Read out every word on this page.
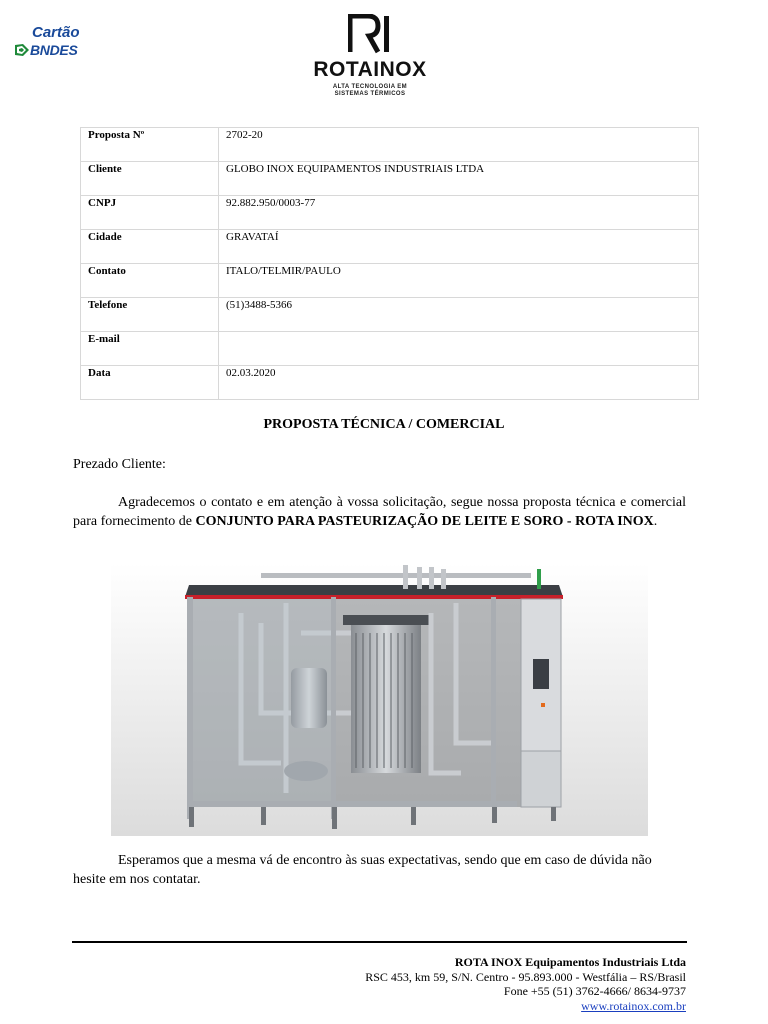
Cartão
BNDES
ROTAINOX
ALTA TECNOLOGIA EM
SISTEMAS TÉRMICOS
Proposta Nº	2702-20
Cliente	GLOBO INOX EQUIPAMENTOS INDUSTRIAIS LTDA
CNPJ	92.882.950/0003-77
Cidade	GRAVATAÍ
Contato	ITALO/TELMIR/PAULO
Telefone	(51)3488-5366
E-mail	
Data	02.03.2020
PROPOSTA TÉCNICA / COMERCIAL
Prezado Cliente:
Agradecemos o contato e em atenção à vossa solicitação, segue nossa proposta técnica e comercial para fornecimento de CONJUNTO PARA PASTEURIZAÇÃO DE LEITE E SORO - ROTA INOX.
Esperamos que a mesma vá de encontro às suas expectativas, sendo que em caso de dúvida não hesite em nos contatar.
ROTA INOX Equipamentos Industriais Ltda
RSC 453, km 59, S/N. Centro - 95.893.000 - Westfália – RS/Brasil
Fone +55 (51) 3762-4666/ 8634-9737
www.rotainox.com.br
